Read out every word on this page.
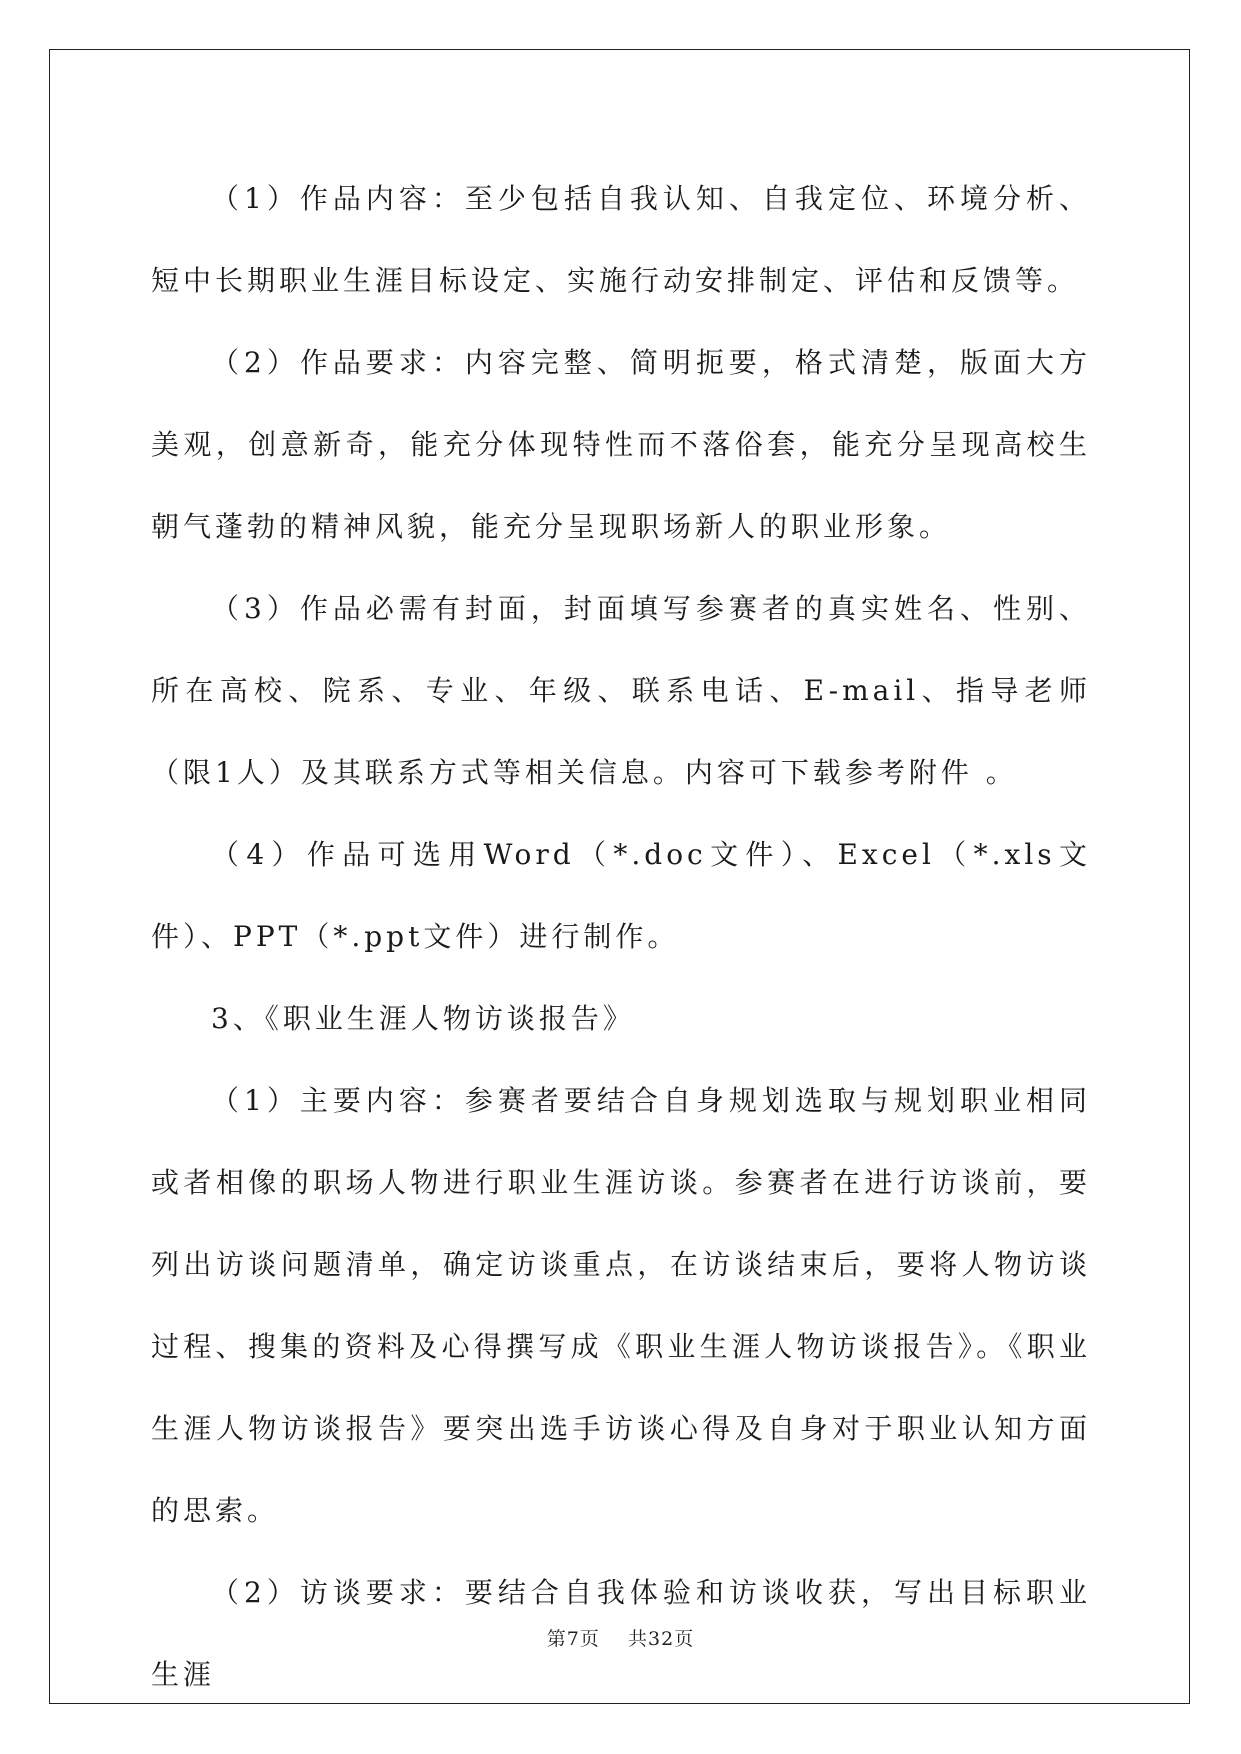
（1）作品内容：至少包括自我认知、自我定位、环境分析、短中长期职业生涯目标设定、实施行动安排制定、评估和反馈等。

（2）作品要求：内容完整、简明扼要，格式清楚，版面大方美观，创意新奇，能充分体现特性而不落俗套，能充分呈现高校生朝气蓬勃的精神风貌，能充分呈现职场新人的职业形象。

（3）作品必需有封面，封面填写参赛者的真实姓名、性别、所在高校、院系、专业、年级、联系电话、E-mail、指导老师（限1人）及其联系方式等相关信息。内容可下载参考附件 。

（4）作品可选用Word（*.doc文件）、Excel（*.xls文件）、PPT（*.ppt文件）进行制作。

3、《职业生涯人物访谈报告》

（1）主要内容：参赛者要结合自身规划选取与规划职业相同或者相像的职场人物进行职业生涯访谈。参赛者在进行访谈前，要列出访谈问题清单，确定访谈重点，在访谈结束后，要将人物访谈过程、搜集的资料及心得撰写成《职业生涯人物访谈报告》。《职业生涯人物访谈报告》要突出选手访谈心得及自身对于职业认知方面的思索。

（2）访谈要求：要结合自我体验和访谈收获，写出目标职业生涯

第7页 共32页
